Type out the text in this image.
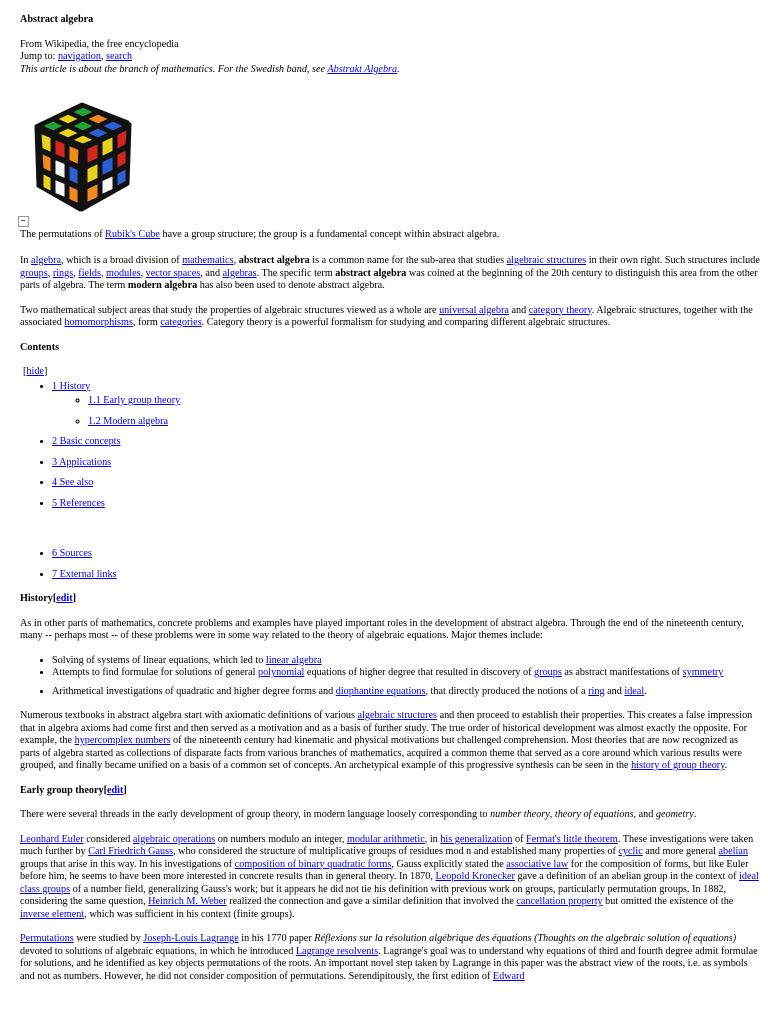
Abstract algebra

From Wikipedia, the free encyclopedia

Jump to: navigation, search

This article is about the branch of mathematics. For the Swedish band, see Abstrakt Algebra.

The permutations of Rubik's Cube have a group structure; the group is a fundamental concept within abstract algebra.

In algebra, which is a broad division of mathematics, abstract algebra is a common name for the sub-area that studies algebraic structures in their own right. Such structures include groups, rings, fields, modules, vector spaces, and algebras. The specific term abstract algebra was coined at the beginning of the 20th century to distinguish this area from the other parts of algebra. The term modern algebra has also been used to denote abstract algebra.

Two mathematical subject areas that study the properties of algebraic structures viewed as a whole are universal algebra and category theory. Algebraic structures, together with the associated homomorphisms, form categories. Category theory is a powerful formalism for studying and comparing different algebraic structures.

Contents

[hide]

• 1 History
◦ 1.1 Early group theory
◦ 1.2 Modern algebra
• 2 Basic concepts
• 3 Applications
• 4 See also
• 5 References
• 6 Sources
• 7 External links
History[edit]

As in other parts of mathematics, concrete problems and examples have played important roles in the development of abstract algebra. Through the end of the nineteenth century, many -- perhaps most -- of these problems were in some way related to the theory of algebraic equations. Major themes include:

• Solving of systems of linear equations, which led to linear algebra
• Attempts to find formulae for solutions of general polynomial equations of higher degree that resulted in discovery of groups as abstract manifestations of symmetry
• Arithmetical investigations of quadratic and higher degree forms and diophantine equations, that directly produced the notions of a ring and ideal.

Numerous textbooks in abstract algebra start with axiomatic definitions of various algebraic structures and then proceed to establish their properties. This creates a false impression that in algebra axioms had come first and then served as a motivation and as a basis of further study. The true order of historical development was almost exactly the opposite. For example, the hypercomplex numbers of the nineteenth century had kinematic and physical motivations but challenged comprehension. Most theories that are now recognized as parts of algebra started as collections of disparate facts from various branches of mathematics, acquired a common theme that served as a core around which various results were grouped, and finally became unified on a basis of a common set of concepts. An archetypical example of this progressive synthesis can be seen in the history of group theory.

Early group theory[edit]

There were several threads in the early development of group theory, in modern language loosely corresponding to number theory, theory of equations, and geometry.

Leonhard Euler considered algebraic operations on numbers modulo an integer, modular arithmetic, in his generalization of Fermat's little theorem. These investigations were taken much further by Carl Friedrich Gauss, who considered the structure of multiplicative groups of residues mod n and established many properties of cyclic and more general abelian groups that arise in this way. In his investigations of composition of binary quadratic forms, Gauss explicitly stated the associative law for the composition of forms, but like Euler before him, he seems to have been more interested in concrete results than in general theory. In 1870, Leopold Kronecker gave a definition of an abelian group in the context of ideal class groups of a number field, generalizing Gauss's work; but it appears he did not tie his definition with previous work on groups, particularly permutation groups. In 1882, considering the same question, Heinrich M. Weber realized the connection and gave a similar definition that involved the cancellation property but omitted the existence of the inverse element, which was sufficient in his context (finite groups).

Permutations were studied by Joseph-Louis Lagrange in his 1770 paper Réflexions sur la résolution algébrique des équations (Thoughts on the algebraic solution of equations) devoted to solutions of algebraic equations, in which he introduced Lagrange resolvents. Lagrange's goal was to understand why equations of third and fourth degree admit formulae for solutions, and he identified as key objects permutations of the roots. An important novel step taken by Lagrange in this paper was the abstract view of the roots, i.e. as symbols and not as numbers. However, he did not consider composition of permutations. Serendipitously, the first edition of Edward
